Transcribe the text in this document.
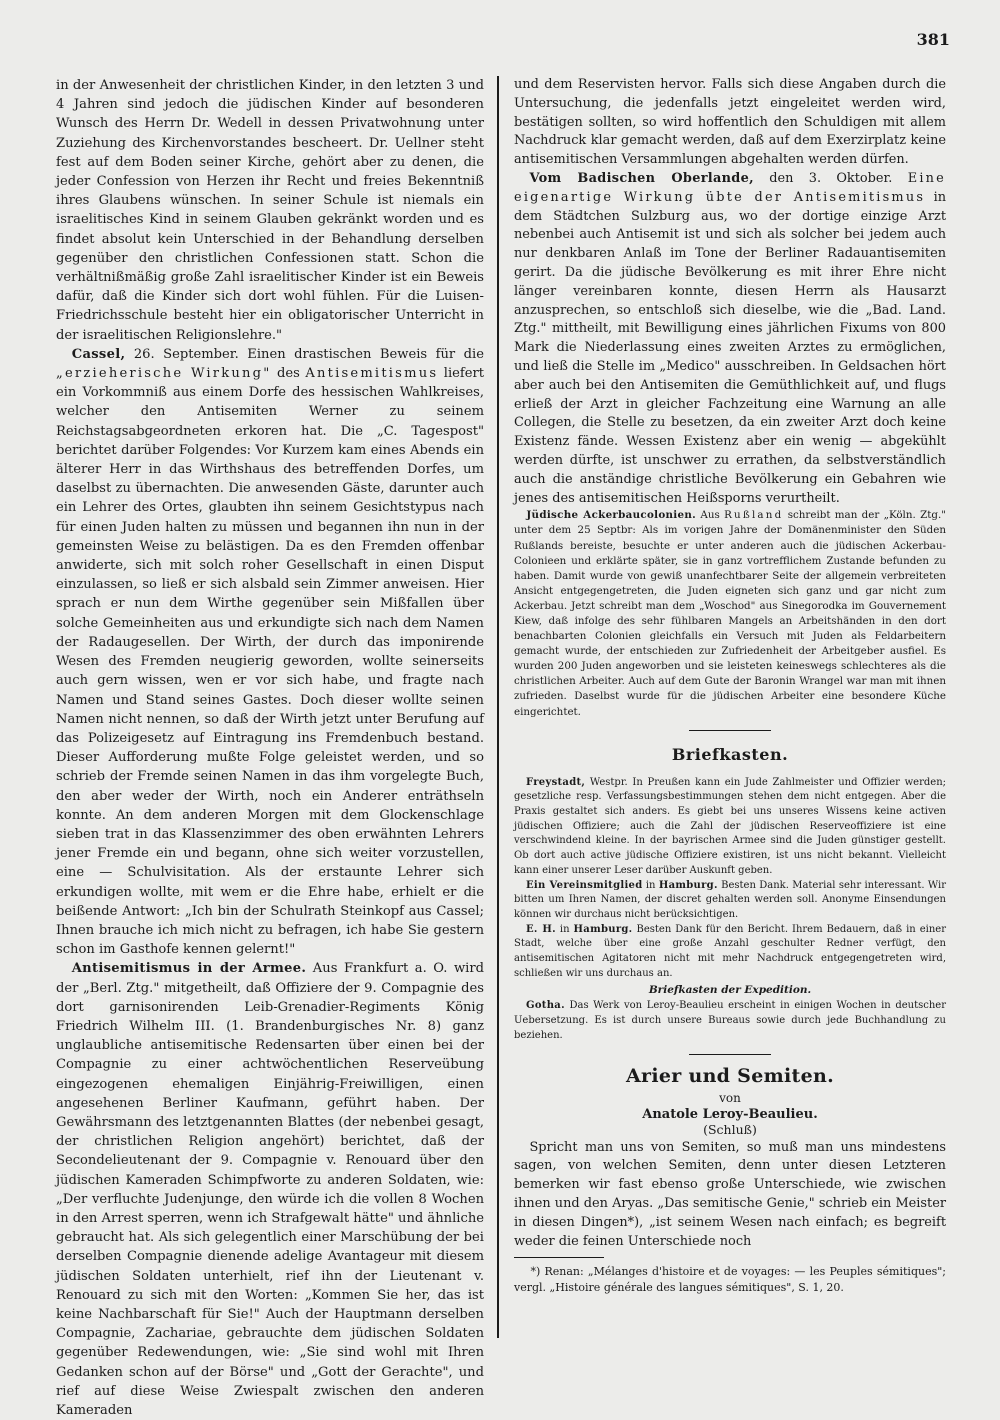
381

in der Anwesenheit der christlichen Kinder, in den letzten 3 und 4 Jahren sind jedoch die jüdischen Kinder auf besonderen Wunsch des Herrn Dr. Wedell in dessen Privatwohnung unter Zuziehung des Kirchenvorstandes bescheert. Dr. Uellner steht fest auf dem Boden seiner Kirche, gehört aber zu denen, die jeder Confession von Herzen ihr Recht und freies Bekenntniß ihres Glaubens wünschen. In seiner Schule ist niemals ein israelitisches Kind in seinem Glauben gekränkt worden und es findet absolut kein Unterschied in der Behandlung derselben gegenüber den christlichen Confessionen statt. Schon die verhältnißmäßig große Zahl israelitischer Kinder ist ein Beweis dafür, daß die Kinder sich dort wohl fühlen. Für die Luisen-Friedrichsschule besteht hier ein obligatorischer Unterricht in der israelitischen Religionslehre."

Cassel, 26. September. Einen drastischen Beweis für die „erzieherische Wirkung" des Antisemitismus liefert ein Vorkommniß aus einem Dorfe des hessischen Wahlkreises, welcher den Antisemiten Werner zu seinem Reichstagsabgeordneten erkoren hat. Die „C. Tagespost" berichtet darüber Folgendes: Vor Kurzem kam eines Abends ein älterer Herr in das Wirthshaus des betreffenden Dorfes, um daselbst zu übernachten. Die anwesenden Gäste, darunter auch ein Lehrer des Ortes, glaubten ihn seinem Gesichtstypus nach für einen Juden halten zu müssen und begannen ihn nun in der gemeinsten Weise zu belästigen. Da es den Fremden offenbar anwiderte, sich mit solch roher Gesellschaft in einen Disput einzulassen, so ließ er sich alsbald sein Zimmer anweisen. Hier sprach er nun dem Wirthe gegenüber sein Mißfallen über solche Gemeinheiten aus und erkundigte sich nach dem Namen der Radaugesellen. Der Wirth, der durch das imponirende Wesen des Fremden neugierig geworden, wollte seinerseits auch gern wissen, wen er vor sich habe, und fragte nach Namen und Stand seines Gastes. Doch dieser wollte seinen Namen nicht nennen, so daß der Wirth jetzt unter Berufung auf das Polizeigesetz auf Eintragung ins Fremdenbuch bestand. Dieser Aufforderung mußte Folge geleistet werden, und so schrieb der Fremde seinen Namen in das ihm vorgelegte Buch, den aber weder der Wirth, noch ein Anderer enträthseln konnte. An dem anderen Morgen mit dem Glockenschlage sieben trat in das Klassenzimmer des oben erwähnten Lehrers jener Fremde ein und begann, ohne sich weiter vorzustellen, eine — Schulvisitation. Als der erstaunte Lehrer sich erkundigen wollte, mit wem er die Ehre habe, erhielt er die beißende Antwort: „Ich bin der Schulrath Steinkopf aus Cassel; Ihnen brauche ich mich nicht zu befragen, ich habe Sie gestern schon im Gasthofe kennen gelernt!"

Antisemitismus in der Armee. Aus Frankfurt a. O. wird der „Berl. Ztg." mitgetheilt, daß Offiziere der 9. Compagnie des dort garnisonirenden Leib-Grenadier-Regiments König Friedrich Wilhelm III. (1. Brandenburgisches Nr. 8) ganz unglaubliche antisemitische Redensarten über einen bei der Compagnie zu einer achtwöchentlichen Reserveübung eingezogenen ehemaligen Einjährig-Freiwilligen, einen angesehenen Berliner Kaufmann, geführt haben. Der Gewährsmann des letztgenannten Blattes (der nebenbei gesagt, der christlichen Religion angehört) berichtet, daß der Secondelieutenant der 9. Compagnie v. Renouard über den jüdischen Kameraden Schimpfworte zu anderen Soldaten, wie: „Der verfluchte Judenjunge, den würde ich die vollen 8 Wochen in den Arrest sperren, wenn ich Strafgewalt hätte" und ähnliche gebraucht hat. Als sich gelegentlich einer Marschübung der bei derselben Compagnie dienende adelige Avantageur mit diesem jüdischen Soldaten unterhielt, rief ihn der Lieutenant v. Renouard zu sich mit den Worten: „Kommen Sie her, das ist keine Nachbarschaft für Sie!" Auch der Hauptmann derselben Compagnie, Zachariae, gebrauchte dem jüdischen Soldaten gegenüber Redewendungen, wie: „Sie sind wohl mit Ihren Gedanken schon auf der Börse" und „Gott der Gerachte", und rief auf diese Weise Zwiespalt zwischen den anderen Kameraden

und dem Reservisten hervor. Falls sich diese Angaben durch die Untersuchung, die jedenfalls jetzt eingeleitet werden wird, bestätigen sollten, so wird hoffentlich den Schuldigen mit allem Nachdruck klar gemacht werden, daß auf dem Exerzirplatz keine antisemitischen Versammlungen abgehalten werden dürfen.

Vom Badischen Oberlande, den 3. Oktober. Eine eigenartige Wirkung übte der Antisemitismus in dem Städtchen Sulzburg aus, wo der dortige einzige Arzt nebenbei auch Antisemit ist und sich als solcher bei jedem auch nur denkbaren Anlaß im Tone der Berliner Radauantisemiten gerirt. Da die jüdische Bevölkerung es mit ihrer Ehre nicht länger vereinbaren konnte, diesen Herrn als Hausarzt anzusprechen, so entschloß sich dieselbe, wie die „Bad. Land. Ztg." mittheilt, mit Bewilligung eines jährlichen Fixums von 800 Mark die Niederlassung eines zweiten Arztes zu ermöglichen, und ließ die Stelle im „Medico" ausschreiben. In Geldsachen hört aber auch bei den Antisemiten die Gemüthlichkeit auf, und flugs erließ der Arzt in gleicher Fachzeitung eine Warnung an alle Collegen, die Stelle zu besetzen, da ein zweiter Arzt doch keine Existenz fände. Wessen Existenz aber ein wenig — abgekühlt werden dürfte, ist unschwer zu errathen, da selbstverständlich auch die anständige christliche Bevölkerung ein Gebahren wie jenes des antisemitischen Heißsporns verurtheilt.

Jüdische Ackerbaucolonien. Aus Rußland schreibt man der „Köln. Ztg." unter dem 25 Septbr: Als im vorigen Jahre der Domänenminister den Süden Rußlands bereiste, besuchte er unter anderen auch die jüdischen Ackerbau-Colonieen und erklärte später, sie in ganz vortrefflichem Zustande befunden zu haben. Damit wurde von gewiß unanfechtbarer Seite der allgemein verbreiteten Ansicht entgegengetreten, die Juden eigneten sich ganz und gar nicht zum Ackerbau. Jetzt schreibt man dem „Woschod" aus Sinegorodka im Gouvernement Kiew, daß infolge des sehr fühlbaren Mangels an Arbeitshänden in den dort benachbarten Colonien gleichfalls ein Versuch mit Juden als Feldarbeitern gemacht wurde, der entschieden zur Zufriedenheit der Arbeitgeber ausfiel. Es wurden 200 Juden angeworben und sie leisteten keineswegs schlechteres als die christlichen Arbeiter. Auch auf dem Gute der Baronin Wrangel war man mit ihnen zufrieden. Daselbst wurde für die jüdischen Arbeiter eine besondere Küche eingerichtet.

Briefkasten.

Freystadt, Westpr. In Preußen kann ein Jude Zahlmeister und Offizier werden; gesetzliche resp. Verfassungsbestimmungen stehen dem nicht entgegen. Aber die Praxis gestaltet sich anders. Es giebt bei uns unseres Wissens keine activen jüdischen Offiziere; auch die Zahl der jüdischen Reserveoffiziere ist eine verschwindend kleine. In der bayrischen Armee sind die Juden günstiger gestellt. Ob dort auch active jüdische Offiziere existiren, ist uns nicht bekannt. Vielleicht kann einer unserer Leser darüber Auskunft geben.

Ein Vereinsmitglied in Hamburg. Besten Dank. Material sehr interessant. Wir bitten um Ihren Namen, der discret gehalten werden soll. Anonyme Einsendungen können wir durchaus nicht berücksichtigen.

E. H. in Hamburg. Besten Dank für den Bericht. Ihrem Bedauern, daß in einer Stadt, welche über eine große Anzahl geschulter Redner verfügt, den antisemitischen Agitatoren nicht mit mehr Nachdruck entgegengetreten wird, schließen wir uns durchaus an.

Briefkasten der Expedition.

Gotha. Das Werk von Leroy-Beaulieu erscheint in einigen Wochen in deutscher Uebersetzung. Es ist durch unsere Bureaus sowie durch jede Buchhandlung zu beziehen.

Arier und Semiten.
von
Anatole Leroy-Beaulieu.
(Schluß)

Spricht man uns von Semiten, so muß man uns mindestens sagen, von welchen Semiten, denn unter diesen Letzteren bemerken wir fast ebenso große Unterschiede, wie zwischen ihnen und den Aryas. „Das semitische Genie," schrieb ein Meister in diesen Dingen*), „ist seinem Wesen nach einfach; es begreift weder die feinen Unterschiede noch

*) Renan: „Mélanges d'histoire et de voyages: — les Peuples sémitiques"; vergl. „Histoire générale des langues sémitiques", S. 1, 20.
